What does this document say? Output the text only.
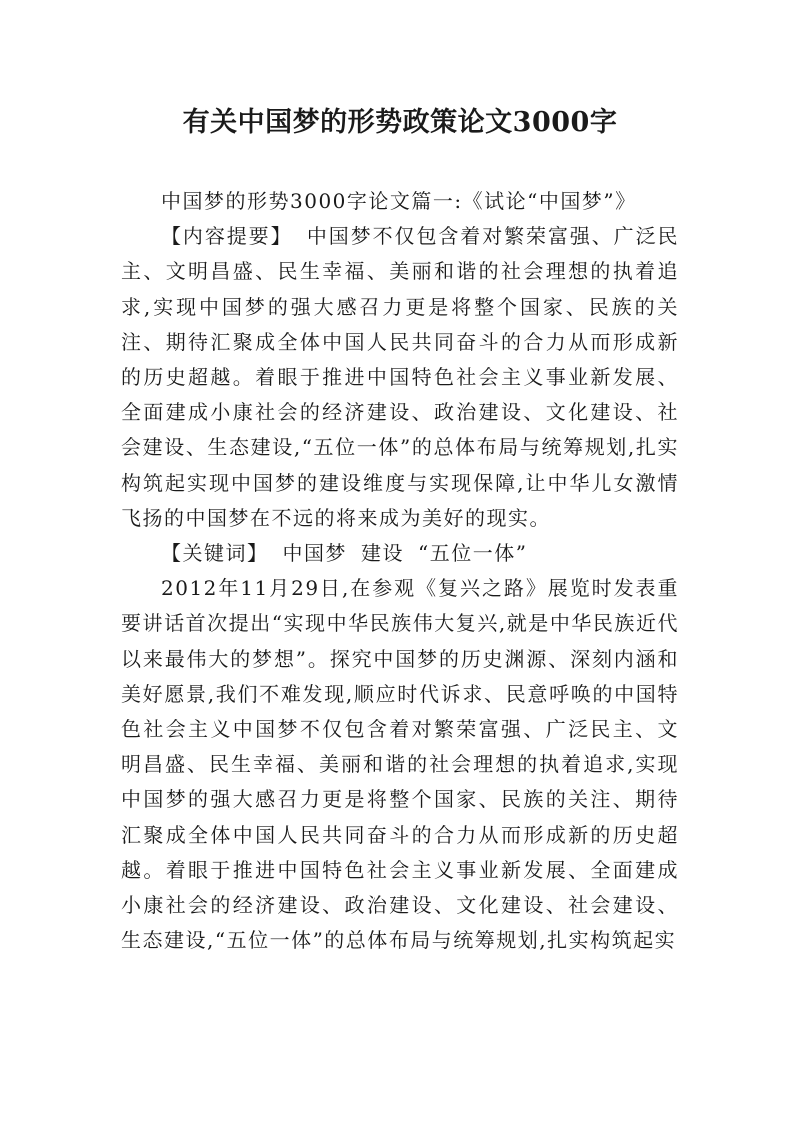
有关中国梦的形势政策论文3000字

中国梦的形势3000字论文篇一:《试论“中国梦”》

【内容提要】 中国梦不仅包含着对繁荣富强、广泛民主、文明昌盛、民生幸福、美丽和谐的社会理想的执着追求,实现中国梦的强大感召力更是将整个国家、民族的关注、期待汇聚成全体中国人民共同奋斗的合力从而形成新的历史超越。着眼于推进中国特色社会主义事业新发展、全面建成小康社会的经济建设、政治建设、文化建设、社会建设、生态建设,“五位一体”的总体布局与统筹规划,扎实构筑起实现中国梦的建设维度与实现保障,让中华儿女激情飞扬的中国梦在不远的将来成为美好的现实。

【关键词】 中国梦 建设 “五位一体”

2012年11月29日,在参观《复兴之路》展览时发表重要讲话首次提出“实现中华民族伟大复兴,就是中华民族近代以来最伟大的梦想”。探究中国梦的历史渊源、深刻内涵和美好愿景,我们不难发现,顺应时代诉求、民意呼唤的中国特色社会主义中国梦不仅包含着对繁荣富强、广泛民主、文明昌盛、民生幸福、美丽和谐的社会理想的执着追求,实现中国梦的强大感召力更是将整个国家、民族的关注、期待汇聚成全体中国人民共同奋斗的合力从而形成新的历史超越。着眼于推进中国特色社会主义事业新发展、全面建成小康社会的经济建设、政治建设、文化建设、社会建设、生态建设,“五位一体”的总体布局与统筹规划,扎实构筑起实
